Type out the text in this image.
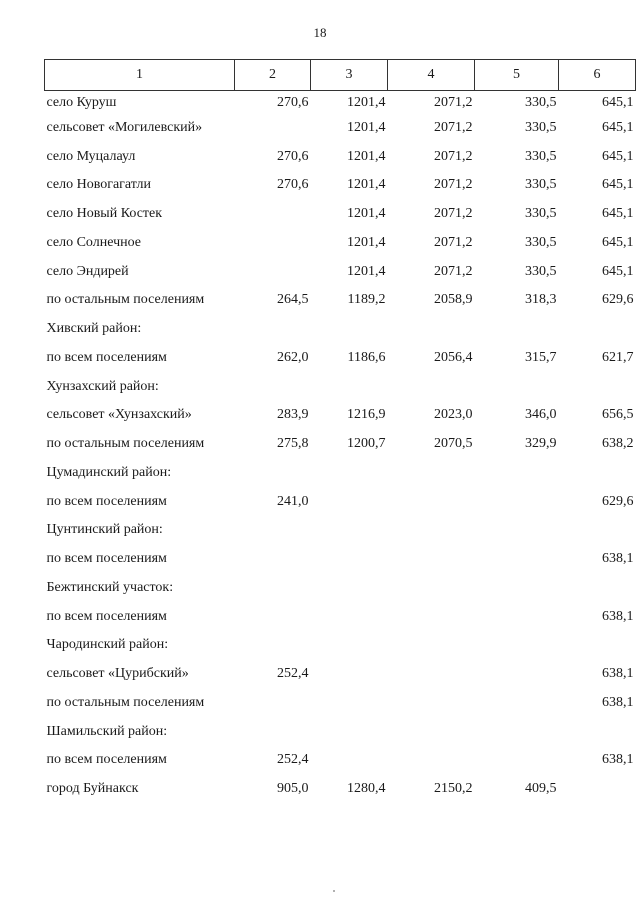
18
1	2	3	4	5	6
село Куруш	270,6	1201,4	2071,2	330,5	645,1
сельсовет «Могилевский»		1201,4	2071,2	330,5	645,1
село Муцалаул	270,6	1201,4	2071,2	330,5	645,1
село Новогагатли	270,6	1201,4	2071,2	330,5	645,1
село Новый Костек		1201,4	2071,2	330,5	645,1
село Солнечное		1201,4	2071,2	330,5	645,1
село Эндирей		1201,4	2071,2	330,5	645,1
по остальным поселениям	264,5	1189,2	2058,9	318,3	629,6
Хивский район:					
по всем поселениям	262,0	1186,6	2056,4	315,7	621,7
Хунзахский район:					
сельсовет «Хунзахский»	283,9	1216,9	2023,0	346,0	656,5
по остальным поселениям	275,8	1200,7	2070,5	329,9	638,2
Цумадинский район:					
по всем поселениям	241,0				629,6
Цунтинский район:					
по всем поселениям					638,1
Бежтинский участок:					
по всем поселениям					638,1
Чародинский район:					
сельсовет «Цурибский»	252,4				638,1
по остальным поселениям					638,1
Шамильский район:					
по всем поселениям	252,4				638,1
город Буйнакск	905,0	1280,4	2150,2	409,5	
